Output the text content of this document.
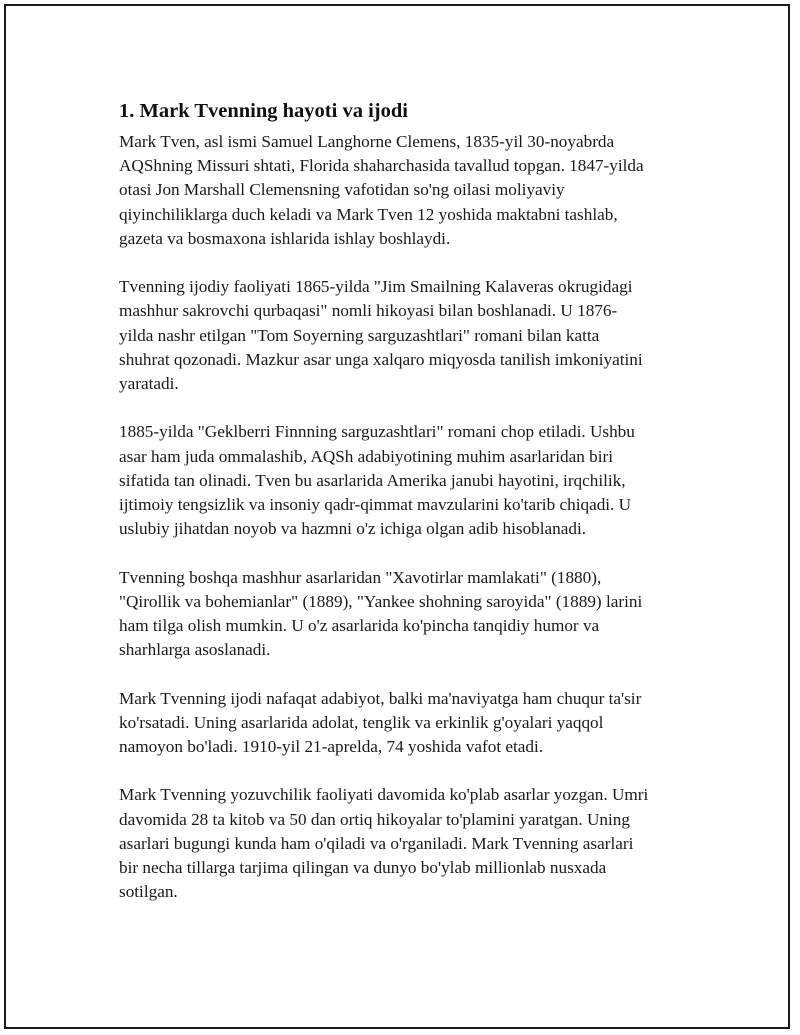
1. Mark Tvenning hayoti va ijodi

Mark Tven, asl ismi Samuel Langhorne Clemens, 1835-yil 30-noyabrda
AQShning Missuri shtati, Florida shaharchasida tavallud topgan. 1847-yilda
otasi Jon Marshall Clemensning vafotidan so'ng oilasi moliyaviy
qiyinchiliklarga duch keladi va Mark Tven 12 yoshida maktabni tashlab,
gazeta va bosmaxona ishlarida ishlay boshlaydi.

Tvenning ijodiy faoliyati 1865-yilda "Jim Smailning Kalaveras okrugidagi
mashhur sakrovchi qurbaqasi" nomli hikoyasi bilan boshlanadi. U 1876-
yilda nashr etilgan "Tom Soyerning sarguzashtlari" romani bilan katta
shuhrat qozonadi. Mazkur asar unga xalqaro miqyosda tanilish imkoniyatini
yaratadi.

1885-yilda "Geklberri Finnning sarguzashtlari" romani chop etiladi. Ushbu
asar ham juda ommalashib, AQSh adabiyotining muhim asarlaridan biri
sifatida tan olinadi. Tven bu asarlarida Amerika janubi hayotini, irqchilik,
ijtimoiy tengsizlik va insoniy qadr-qimmat mavzularini ko'tarib chiqadi. U
uslubiy jihatdan noyob va hazmni o'z ichiga olgan adib hisoblanadi.

Tvenning boshqa mashhur asarlaridan "Xavotirlar mamlakati" (1880),
"Qirollik va bohemianlar" (1889), "Yankee shohning saroyida" (1889) larini
ham tilga olish mumkin. U o'z asarlarida ko'pincha tanqidiy humor va
sharhlarga asoslanadi.

Mark Tvenning ijodi nafaqat adabiyot, balki ma'naviyatga ham chuqur ta'sir
ko'rsatadi. Uning asarlarida adolat, tenglik va erkinlik g'oyalari yaqqol
namoyon bo'ladi. 1910-yil 21-aprelda, 74 yoshida vafot etadi.

Mark Tvenning yozuvchilik faoliyati davomida ko'plab asarlar yozgan. Umri
davomida 28 ta kitob va 50 dan ortiq hikoyalar to'plamini yaratgan. Uning
asarlari bugungi kunda ham o'qiladi va o'rganiladi. Mark Tvenning asarlari
bir necha tillarga tarjima qilingan va dunyo bo'ylab millionlab nusxada
sotilgan.
